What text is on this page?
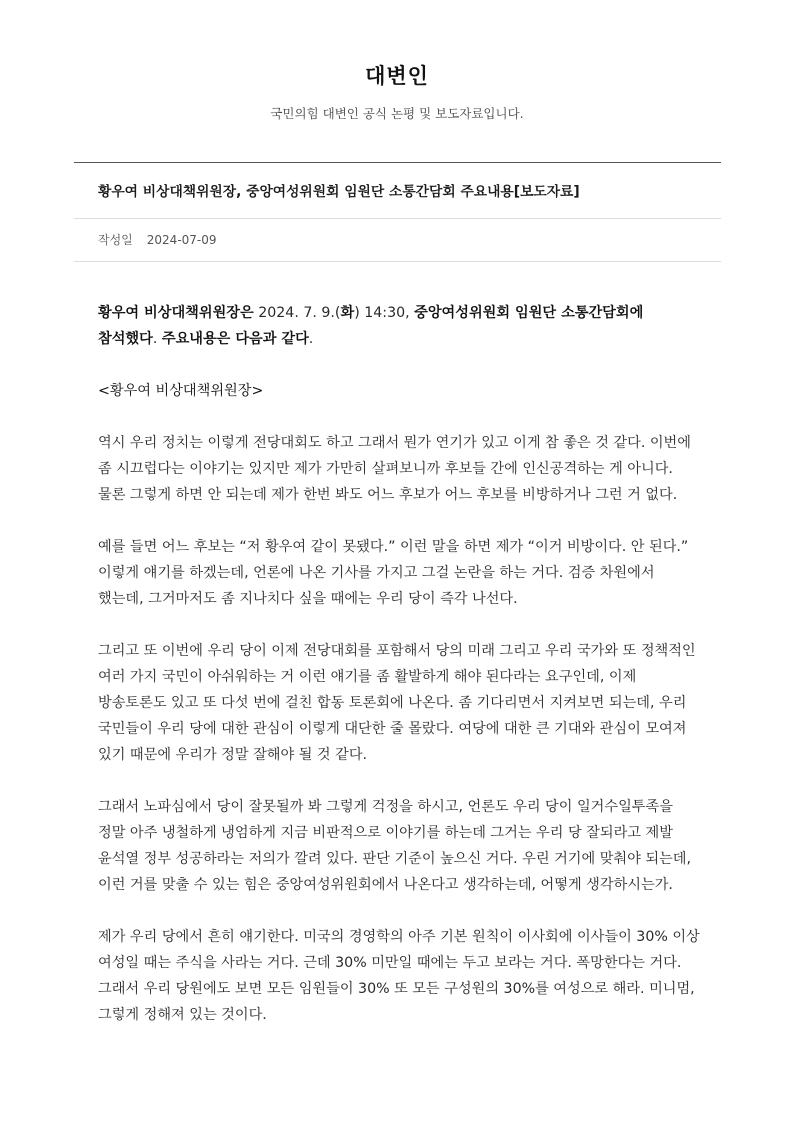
대변인
국민의힘 대변인 공식 논평 및 보도자료입니다.
황우여 비상대책위원장, 중앙여성위원회 임원단 소통간담회 주요내용[보도자료]
작성일 2024-07-09

황우여 비상대책위원장은 2024. 7. 9.(화) 14:30, 중앙여성위원회 임원단 소통간담회에 참석했다. 주요내용은 다음과 같다.

<황우여 비상대책위원장>

역시 우리 정치는 이렇게 전당대회도 하고 그래서 뭔가 연기가 있고 이게 참 좋은 것 같다. 이번에 좀 시끄럽다는 이야기는 있지만 제가 가만히 살펴보니까 후보들 간에 인신공격하는 게 아니다. 물론 그렇게 하면 안 되는데 제가 한번 봐도 어느 후보가 어느 후보를 비방하거나 그런 거 없다.

예를 들면 어느 후보는 “저 황우여 같이 못됐다.” 이런 말을 하면 제가 “이거 비방이다. 안 된다.” 이렇게 얘기를 하겠는데, 언론에 나온 기사를 가지고 그걸 논란을 하는 거다. 검증 차원에서 했는데, 그거마저도 좀 지나치다 싶을 때에는 우리 당이 즉각 나선다.

그리고 또 이번에 우리 당이 이제 전당대회를 포함해서 당의 미래 그리고 우리 국가와 또 정책적인 여러 가지 국민이 아쉬워하는 거 이런 얘기를 좀 활발하게 해야 된다라는 요구인데, 이제 방송토론도 있고 또 다섯 번에 걸친 합동 토론회에 나온다. 좀 기다리면서 지켜보면 되는데, 우리 국민들이 우리 당에 대한 관심이 이렇게 대단한 줄 몰랐다. 여당에 대한 큰 기대와 관심이 모여져 있기 때문에 우리가 정말 잘해야 될 것 같다.

그래서 노파심에서 당이 잘못될까 봐 그렇게 걱정을 하시고, 언론도 우리 당이 일거수일투족을 정말 아주 냉철하게 냉엄하게 지금 비판적으로 이야기를 하는데 그거는 우리 당 잘되라고 제발 윤석열 정부 성공하라는 저의가 깔려 있다. 판단 기준이 높으신 거다. 우린 거기에 맞춰야 되는데, 이런 거를 맞출 수 있는 힘은 중앙여성위원회에서 나온다고 생각하는데, 어떻게 생각하시는가.

제가 우리 당에서 흔히 얘기한다. 미국의 경영학의 아주 기본 원칙이 이사회에 이사들이 30% 이상 여성일 때는 주식을 사라는 거다. 근데 30% 미만일 때에는 두고 보라는 거다. 폭망한다는 거다. 그래서 우리 당원에도 보면 모든 임원들이 30% 또 모든 구성원의 30%를 여성으로 해라. 미니멈, 그렇게 정해져 있는 것이다.
